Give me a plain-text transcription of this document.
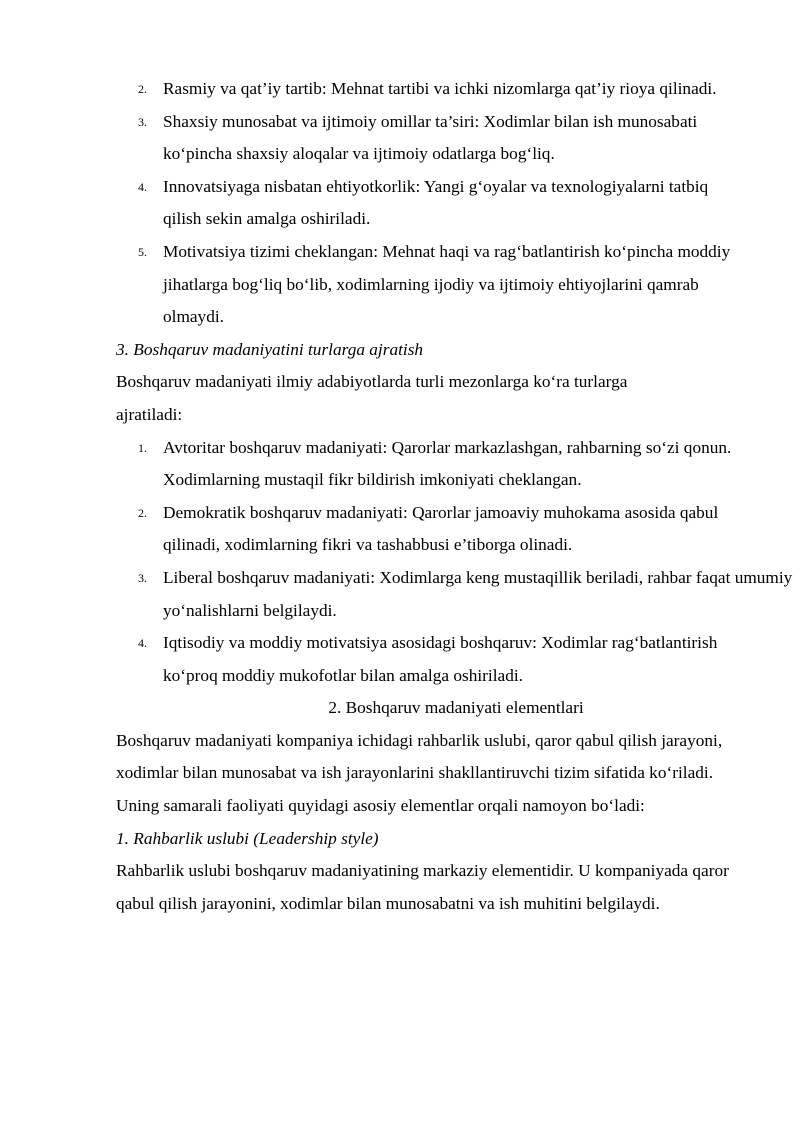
2. Rasmiy va qat’iy tartib: Mehnat tartibi va ichki nizomlarga qat’iy rioya qilinadi.
3. Shaxsiy munosabat va ijtimoiy omillar ta’siri: Xodimlar bilan ish munosabati ko‘pincha shaxsiy aloqalar va ijtimoiy odatlarga bog‘liq.
4. Innovatsiyaga nisbatan ehtiyotkorlik: Yangi g‘oyalar va texnologiyalarni tatbiq qilish sekin amalga oshiriladi.
5. Motivatsiya tizimi cheklangan: Mehnat haqi va rag‘batlantirish ko‘pincha moddiy jihatlarga bog‘liq bo‘lib, xodimlarning ijodiy va ijtimoiy ehtiyojlarini qamrab olmaydi.

3. Boshqaruv madaniyatini turlarga ajratish

Boshqaruv madaniyati ilmiy adabiyotlarda turli mezonlarga ko‘ra turlarga ajratiladi:

1. Avtoritar boshqaruv madaniyati: Qarorlar markazlashgan, rahbarning so‘zi qonun. Xodimlarning mustaqil fikr bildirish imkoniyati cheklangan.
2. Demokratik boshqaruv madaniyati: Qarorlar jamoaviy muhokama asosida qabul qilinadi, xodimlarning fikri va tashabbusi e’tiborga olinadi.
3. Liberal boshqaruv madaniyati: Xodimlarga keng mustaqillik beriladi, rahbar faqat umumiy yo‘nalishlarni belgilaydi.
4. Iqtisodiy va moddiy motivatsiya asosidagi boshqaruv: Xodimlar rag‘batlantirish ko‘proq moddiy mukofotlar bilan amalga oshiriladi.

2. Boshqaruv madaniyati elementlari

Boshqaruv madaniyati kompaniya ichidagi rahbarlik uslubi, qaror qabul qilish jarayoni, xodimlar bilan munosabat va ish jarayonlarini shakllantiruvchi tizim sifatida ko‘riladi. Uning samarali faoliyati quyidagi asosiy elementlar orqali namoyon bo‘ladi:

1. Rahbarlik uslubi (Leadership style)

Rahbarlik uslubi boshqaruv madaniyatining markaziy elementidir. U kompaniyada qaror qabul qilish jarayonini, xodimlar bilan munosabatni va ish muhitini belgilaydi.
